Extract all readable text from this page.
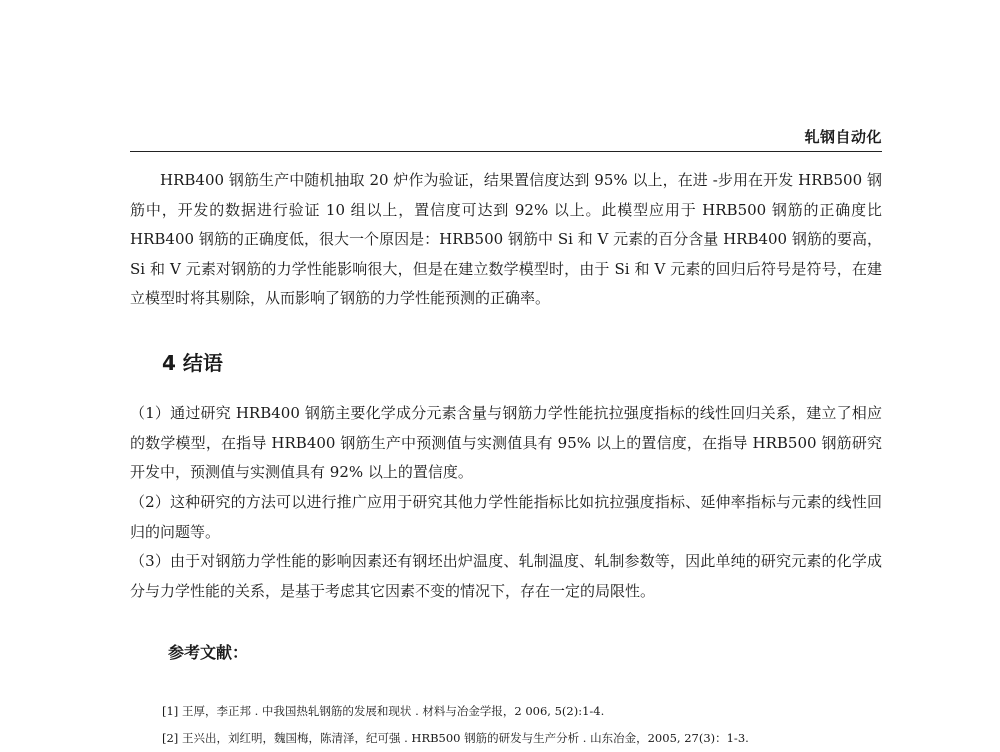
轧钢自动化

HRB400 钢筋生产中随机抽取 20 炉作为验证，结果置信度达到 95% 以上，在进 -步用在开发 HRB500 钢筋中，开发的数据进行验证 10 组以上，置信度可达到 92% 以上。此模型应用于 HRB500 钢筋的正确度比 HRB400 钢筋的正确度低，很大一个原因是：HRB500 钢筋中 Si 和 V 元素的百分含量 HRB400 钢筋的要高，Si 和 V 元素对钢筋的力学性能影响很大，但是在建立数学模型时，由于 Si 和 V 元素的回归后符号是符号，在建立模型时将其剔除，从而影响了钢筋的力学性能预测的正确率。

4 结语

（1）通过研究 HRB400 钢筋主要化学成分元素含量与钢筋力学性能抗拉强度指标的线性回归关系，建立了相应的数学模型，在指导 HRB400 钢筋生产中预测值与实测值具有 95% 以上的置信度，在指导 HRB500 钢筋研究开发中，预测值与实测值具有 92% 以上的置信度。

（2）这种研究的方法可以进行推广应用于研究其他力学性能指标比如抗拉强度指标、延伸率指标与元素的线性回归的问题等。

（3）由于对钢筋力学性能的影响因素还有钢坯出炉温度、轧制温度、轧制参数等，因此单纯的研究元素的化学成分与力学性能的关系，是基于考虑其它因素不变的情况下，存在一定的局限性。

参考文献：
[1] 王厚，李正邦 . 中我国热轧钢筋的发展和现状 . 材料与冶金学报，2 006, 5(2):1-4.
[2] 王兴出，刘红明，魏国梅，陈清泽，纪可强 . HRB500 钢筋的研发与生产分析 . 山东冶金，2005, 27(3)：1-3.
